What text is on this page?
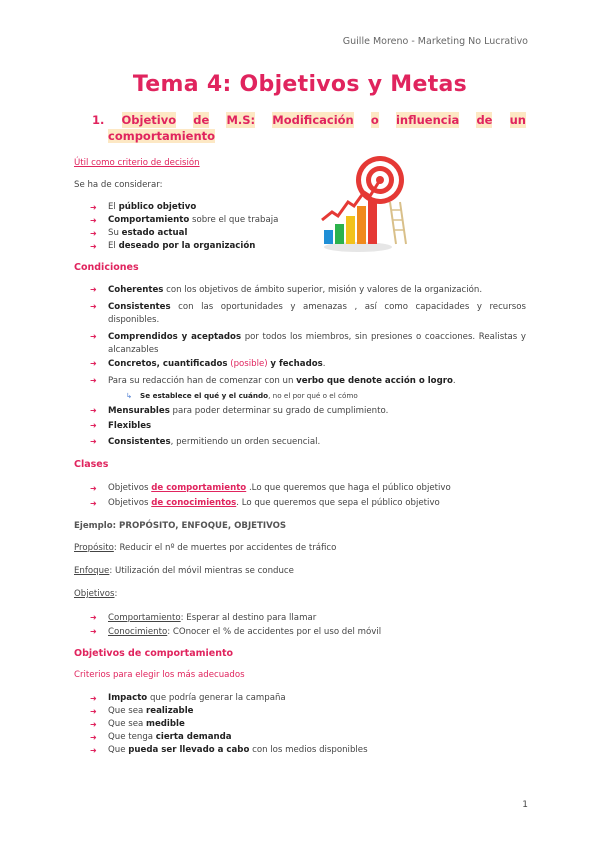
Guille Moreno - Marketing No Lucrativo
Tema 4: Objetivos y Metas
1. Objetivo de M.S: Modificación o influencia de un
comportamiento
Útil como criterio de decisión
Se ha de considerar:
➜ El público objetivo
➜ Comportamiento sobre el que trabaja
➜ Su estado actual
➜ El deseado por la organización
Condiciones
➜ Coherentes con los objetivos de ámbito superior, misión y valores de la organización.
➜ Consistentes con las oportunidades y amenazas , así como capacidades y recursos disponibles.
➜ Comprendidos y aceptados por todos los miembros, sin presiones o coacciones. Realistas y alcanzables
➜ Concretos, cuantificados (posible) y fechados.
➜ Para su redacción han de comenzar con un verbo que denote acción o logro.
↳ Se establece el qué y el cuándo, no el por qué o el cómo
➜ Mensurables para poder determinar su grado de cumplimiento.
➜ Flexibles
➜ Consistentes, permitiendo un orden secuencial.
Clases
➜ Objetivos de comportamiento .Lo que queremos que haga el público objetivo
➜ Objetivos de conocimientos. Lo que queremos que sepa el público objetivo
Ejemplo: PROPÓSITO, ENFOQUE, OBJETIVOS
Propósito: Reducir el nº de muertes por accidentes de tráfico
Enfoque: Utilización del móvil mientras se conduce
Objetivos:
➜ Comportamiento: Esperar al destino para llamar
➜ Conocimiento: COnocer el % de accidentes por el uso del móvil
Objetivos de comportamiento
Criterios para elegir los más adecuados
➜ Impacto que podría generar la campaña
➜ Que sea realizable
➜ Que sea medible
➜ Que tenga cierta demanda
➜ Que pueda ser llevado a cabo con los medios disponibles
1
